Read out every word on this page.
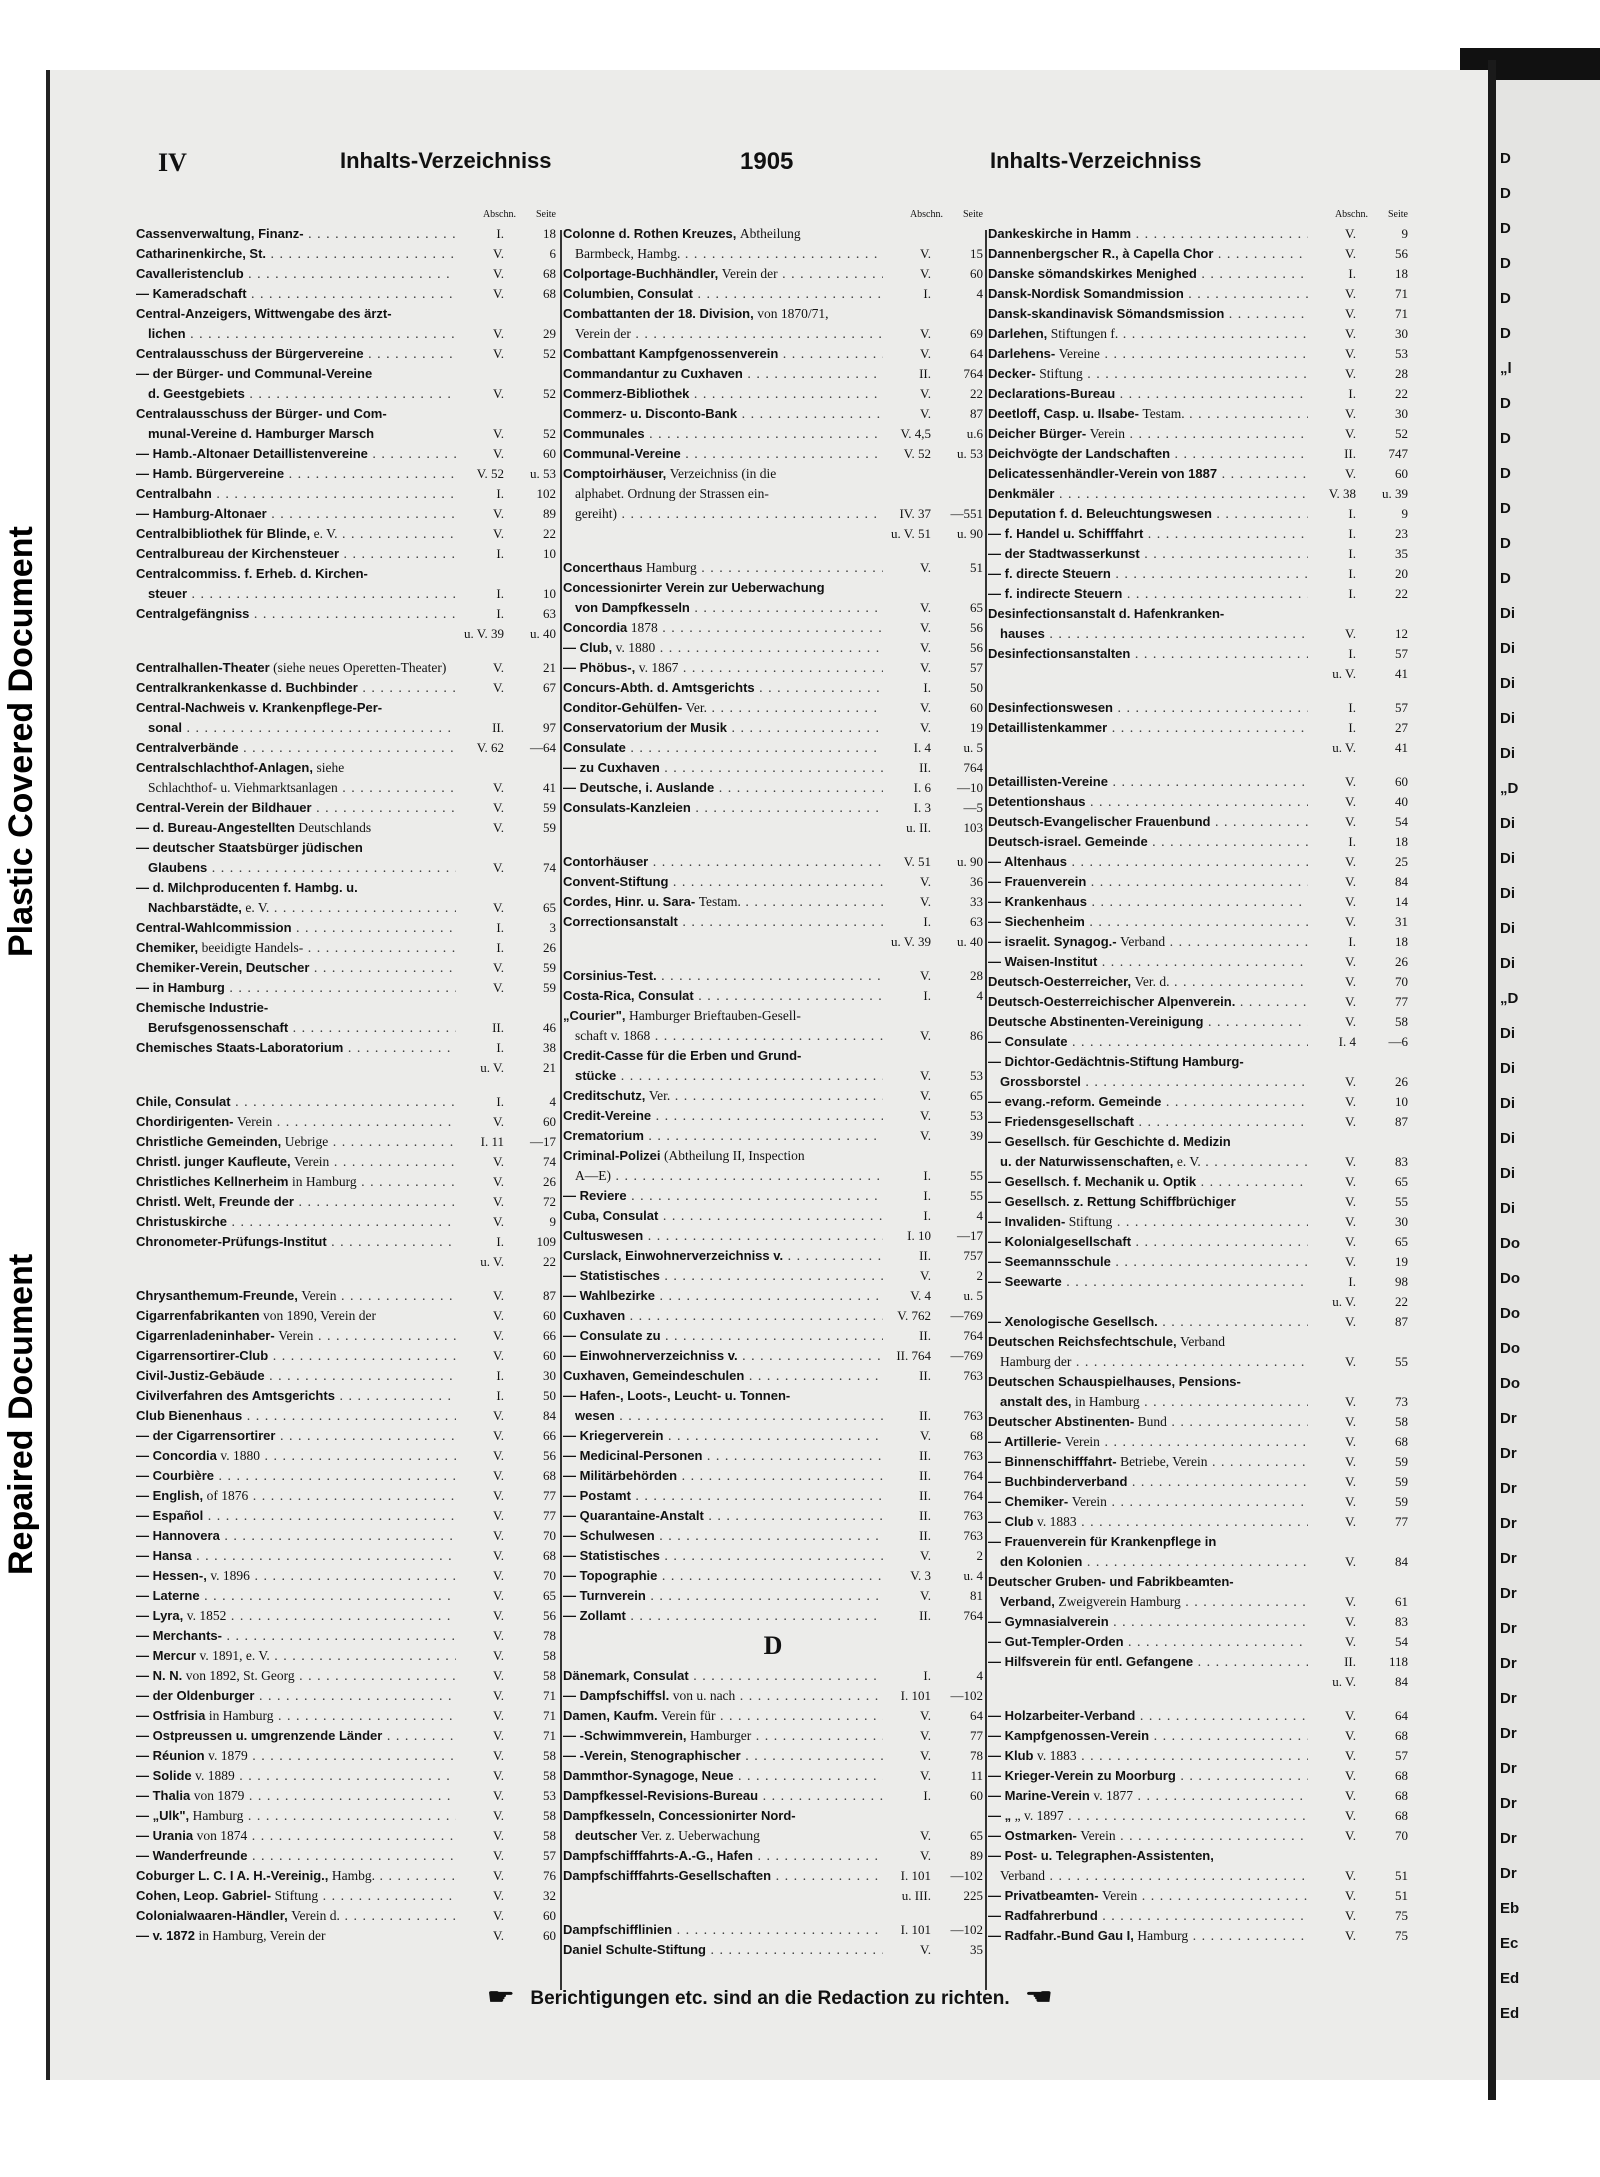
D
D
D
D
D
D
„l
D
D
D
D
D
D
Di
Di
Di
Di
Di
„D
Di
Di
Di
Di
Di
„D
Di
Di
Di
Di
Di
Di
Do
Do
Do
Do
Do
Dr
Dr
Dr
Dr
Dr
Dr
Dr
Dr
Dr
Dr
Dr
Dr
Dr
Dr
Eb
Ec
Ed
Ed
Plastic Covered Document
Repaired Document
IV	Inhalts-Verzeichniss	1905	Inhalts-Verzeichniss
Abschn. Seite
Cassenverwaltung, Finanz- . . .	I.	18
Catharinenkirche, St. . . .	V.	6
Cavalleristenclub . . .	V.	68
— Kameradschaft . . .	V.	68
Central-Anzeigers, Wittwengabe des ärzt-
lichen . . .	V.	29
Centralausschuss der Bürgervereine . . .	V.	52
— der Bürger- und Communal-Vereine
d. Geestgebiets . . .	V.	52
Centralausschuss der Bürger- und Com-
munal-Vereine d. Hamburger Marsch	V.	52
— Hamb.-Altonaer Detaillistenvereine . . .	V.	60
— Hamb. Bürgervereine . . .	V. 52	u. 53
Centralbahn . . .	I.	102
— Hamburg-Altonaer . . .	V.	89
Centralbibliothek für Blinde, e. V. . . .	V.	22
Centralbureau der Kirchensteuer . . .	I.	10
Centralcommiss. f. Erheb. d. Kirchen-
steuer . . .	I.	10
Centralgefängniss . . .	I.	63
u. V. 39	u. 40
Centralhallen-Theater (siehe neues Operetten-Theater)	V.	21
Centralkrankenkasse d. Buchbinder . . .	V.	67
Central-Nachweis v. Krankenpflege-Per-
sonal . . .	II.	97
Centralverbände . . .	V. 62	—64
Centralschlachthof-Anlagen, siehe
Schlachthof- u. Viehmarktsanlagen . . .	V.	41
Central-Verein der Bildhauer . . .	V.	59
— d. Bureau-Angestellten Deutschlands	V.	59
— deutscher Staatsbürger jüdischen
Glaubens . . .	V.	74
— d. Milchproducenten f. Hambg. u.
Nachbarstädte, e. V. . . .	V.	65
Central-Wahlcommission . . .	I.	3
Chemiker, beeidigte Handels- . . .	I.	26
Chemiker-Verein, Deutscher . . .	V.	59
— in Hamburg . . .	V.	59
Chemische Industrie-
Berufsgenossenschaft . . .	II.	46
Chemisches Staats-Laboratorium . . .	I.	38
u. V.	21
Chile, Consulat . . .	I.	4
Chordirigenten- Verein . . .	V.	60
Christliche Gemeinden, Uebrige . . .	I. 11	—17
Christl. junger Kaufleute, Verein . . .	V.	74
Christliches Kellnerheim in Hamburg . . .	V.	26
Christl. Welt, Freunde der . . .	V.	72
Christuskirche . . .	V.	9
Chronometer-Prüfungs-Institut . . .	I.	109
u. V.	22
Chrysanthemum-Freunde, Verein . . .	V.	87
Cigarrenfabrikanten von 1890, Verein der	V.	60
Cigarrenladeninhaber- Verein . . .	V.	66
Cigarrensortirer-Club . . .	V.	60
Civil-Justiz-Gebäude . . .	I.	30
Civilverfahren des Amtsgerichts . . .	I.	50
Club Bienenhaus . . .	V.	84
— der Cigarrensortirer . . .	V.	66
— Concordia v. 1880 . . .	V.	56
— Courbière . . .	V.	68
— English, of 1876 . . .	V.	77
— Español . . .	V.	77
— Hannovera . . .	V.	70
— Hansa . . .	V.	68
— Hessen-, v. 1896 . . .	V.	70
— Laterne . . .	V.	65
— Lyra, v. 1852 . . .	V.	56
— Merchants- . . .	V.	78
— Mercur v. 1891, e. V. . . .	V.	58
— N. N. von 1892, St. Georg . . .	V.	58
— der Oldenburger . . .	V.	71
— Ostfrisia in Hamburg . . .	V.	71
— Ostpreussen u. umgrenzende Länder . . .	V.	71
— Réunion v. 1879 . . .	V.	58
— Solide v. 1889 . . .	V.	58
— Thalia von 1879 . . .	V.	53
— „Ulk", Hamburg . . .	V.	58
— Urania von 1874 . . .	V.	58
— Wanderfreunde . . .	V.	57
Coburger L. C. I A. H.-Vereinig., Hambg. . . .	V.	76
Cohen, Leop. Gabriel- Stiftung . . .	V.	32
Colonialwaaren-Händler, Verein d. . . .	V.	60
— v. 1872 in Hamburg, Verein der	V.	60
Abschn. Seite
Colonne d. Rothen Kreuzes, Abtheilung
Barmbeck, Hambg. . . .	V.	15
Colportage-Buchhändler, Verein der . . .	V.	60
Columbien, Consulat . . .	I.	4
Combattanten der 18. Division, von 1870/71,
Verein der . . .	V.	69
Combattant Kampfgenossenverein . . .	V.	64
Commandantur zu Cuxhaven . . .	II.	764
Commerz-Bibliothek . . .	V.	22
Commerz- u. Disconto-Bank . . .	V.	87
Communales . . .	V. 4,5	u.6
Communal-Vereine . . .	V. 52	u. 53
Comptoirhäuser, Verzeichniss (in die
alphabet. Ordnung der Strassen ein-
gereiht) . . .	IV. 37	—551
u. V. 51	u. 90
Concerthaus Hamburg . . .	V.	51
Concessionirter Verein zur Ueberwachung
von Dampfkesseln . . .	V.	65
Concordia 1878 . . .	V.	56
— Club, v. 1880 . . .	V.	56
— Phöbus-, v. 1867 . . .	V.	57
Concurs-Abth. d. Amtsgerichts . . .	I.	50
Conditor-Gehülfen- Ver. . . .	V.	60
Conservatorium der Musik . . .	V.	19
Consulate . . .	I. 4	u. 5
— zu Cuxhaven . . .	II.	764
— Deutsche, i. Auslande . . .	I. 6	—10
Consulats-Kanzleien . . .	I. 3	—5
u. II.	103
Contorhäuser . . .	V. 51	u. 90
Convent-Stiftung . . .	V.	36
Cordes, Hinr. u. Sara- Testam. . . .	V.	33
Correctionsanstalt . . .	I.	63
u. V. 39	u. 40
Corsinius-Test. . . .	V.	28
Costa-Rica, Consulat . . .	I.	4
„Courier", Hamburger Brieftauben-Gesell-
schaft v. 1868 . . .	V.	86
Credit-Casse für die Erben und Grund-
stücke . . .	V.	53
Creditschutz, Ver. . . .	V.	65
Credit-Vereine . . .	V.	53
Crematorium . . .	V.	39
Criminal-Polizei (Abtheilung II, Inspection
A—E) . . .	I.	55
— Reviere . . .	I.	55
Cuba, Consulat . . .	I.	4
Cultuswesen . . .	I. 10	—17
Curslack, Einwohnerverzeichniss v. . . .	II.	757
— Statistisches . . .	V.	2
— Wahlbezirke . . .	V. 4	u. 5
Cuxhaven . . .	V. 762	—769
— Consulate zu . . .	II.	764
— Einwohnerverzeichniss v. . . .	II. 764	—769
Cuxhaven, Gemeindeschulen . . .	II.	763
— Hafen-, Loots-, Leucht- u. Tonnen-
wesen . . .	II.	763
— Kriegerverein . . .	V.	68
— Medicinal-Personen . . .	II.	763
— Militärbehörden . . .	II.	764
— Postamt . . .	II.	764
— Quarantaine-Anstalt . . .	II.	763
— Schulwesen . . .	II.	763
— Statistisches . . .	V.	2
— Topographie . . .	V. 3	u. 4
— Turnverein . . .	V.	81
— Zollamt . . .	II.	764
D
Dänemark, Consulat . . .	I.	4
— Dampfschiffsl. von u. nach . . .	I. 101	—102
Damen, Kaufm. Verein für . . .	V.	64
— -Schwimmverein, Hamburger . . .	V.	77
— -Verein, Stenographischer . . .	V.	78
Dammthor-Synagoge, Neue . . .	V.	11
Dampfkessel-Revisions-Bureau . . .	I.	60
Dampfkesseln, Concessionirter Nord-
deutscher Ver. z. Ueberwachung	V.	65
Dampfschifffahrts-A.-G., Hafen . . .	V.	89
Dampfschifffahrts-Gesellschaften . . .	I. 101	—102
u. III.	225
Dampfschifflinien . . .	I. 101	—102
Daniel Schulte-Stiftung . . .	V.	35
Abschn. Seite
Dankeskirche in Hamm . . .	V.	9
Dannenbergscher R., à Capella Chor . . .	V.	56
Danske sömandskirkes Menighed . . .	I.	18
Dansk-Nordisk Somandmission . . .	V.	71
Dansk-skandinavisk Sömandsmission . . .	V.	71
Darlehen, Stiftungen f. . . .	V.	30
Darlehens- Vereine . . .	V.	53
Decker- Stiftung . . .	V.	28
Declarations-Bureau . . .	I.	22
Deetloff, Casp. u. Ilsabe- Testam. . . .	V.	30
Deicher Bürger- Verein . . .	V.	52
Deichvögte der Landschaften . . .	II.	747
Delicatessenhändler-Verein von 1887 . . .	V.	60
Denkmäler . . .	V. 38	u. 39
Deputation f. d. Beleuchtungswesen . . .	I.	9
— f. Handel u. Schifffahrt . . .	I.	23
— der Stadtwasserkunst . . .	I.	35
— f. directe Steuern . . .	I.	20
— f. indirecte Steuern . . .	I.	22
Desinfectionsanstalt d. Hafenkranken-
hauses . . .	V.	12
Desinfectionsanstalten . . .	I.	57
u. V.	41
Desinfectionswesen . . .	I.	57
Detaillistenkammer . . .	I.	27
u. V.	41
Detaillisten-Vereine . . .	V.	60
Detentionshaus . . .	V.	40
Deutsch-Evangelischer Frauenbund . . .	V.	54
Deutsch-israel. Gemeinde . . .	I.	18
— Altenhaus . . .	V.	25
— Frauenverein . . .	V.	84
— Krankenhaus . . .	V.	14
— Siechenheim . . .	V.	31
— israelit. Synagog.- Verband . . .	I.	18
— Waisen-Institut . . .	V.	26
Deutsch-Oesterreicher, Ver. d. . . .	V.	70
Deutsch-Oesterreichischer Alpenverein. . . .	V.	77
Deutsche Abstinenten-Vereinigung . . .	V.	58
— Consulate . . .	I. 4	—6
— Dichtor-Gedächtnis-Stiftung Hamburg-
Grossborstel . . .	V.	26
— evang.-reform. Gemeinde . . .	V.	10
— Friedensgesellschaft . . .	V.	87
— Gesellsch. für Geschichte d. Medizin
u. der Naturwissenschaften, e. V. . . .	V.	83
— Gesellsch. f. Mechanik u. Optik . . .	V.	65
— Gesellsch. z. Rettung Schiffbrüchiger	V.	55
— Invaliden- Stiftung . . .	V.	30
— Kolonialgesellschaft . . .	V.	65
— Seemannsschule . . .	V.	19
— Seewarte . . .	I.	98
u. V.	22
— Xenologische Gesellsch. . . .	V.	87
Deutschen Reichsfechtschule, Verband
Hamburg der . . .	V.	55
Deutschen Schauspielhauses, Pensions-
anstalt des, in Hamburg . . .	V.	73
Deutscher Abstinenten- Bund . . .	V.	58
— Artillerie- Verein . . .	V.	68
— Binnenschifffahrt- Betriebe, Verein . . .	V.	59
— Buchbinderverband . . .	V.	59
— Chemiker- Verein . . .	V.	59
— Club v. 1883 . . .	V.	77
— Frauenverein für Krankenpflege in
den Kolonien . . .	V.	84
Deutscher Gruben- und Fabrikbeamten-
Verband, Zweigverein Hamburg . . .	V.	61
— Gymnasialverein . . .	V.	83
— Gut-Templer-Orden . . .	V.	54
— Hilfsverein für entl. Gefangene . . .	II.	118
u. V.	84
— Holzarbeiter-Verband . . .	V.	64
— Kampfgenossen-Verein . . .	V.	68
— Klub v. 1883 . . .	V.	57
— Krieger-Verein zu Moorburg . . .	V.	68
— Marine-Verein v. 1877 . . .	V.	68
— „ „ v. 1897 . . .	V.	68
— Ostmarken- Verein . . .	V.	70
— Post- u. Telegraphen-Assistenten,
Verband . . .	V.	51
— Privatbeamten- Verein . . .	V.	51
— Radfahrerbund . . .	V.	75
— Radfahr.-Bund Gau I, Hamburg . . .	V.	75
☛ Berichtigungen etc. sind an die Redaction zu richten. ☚
